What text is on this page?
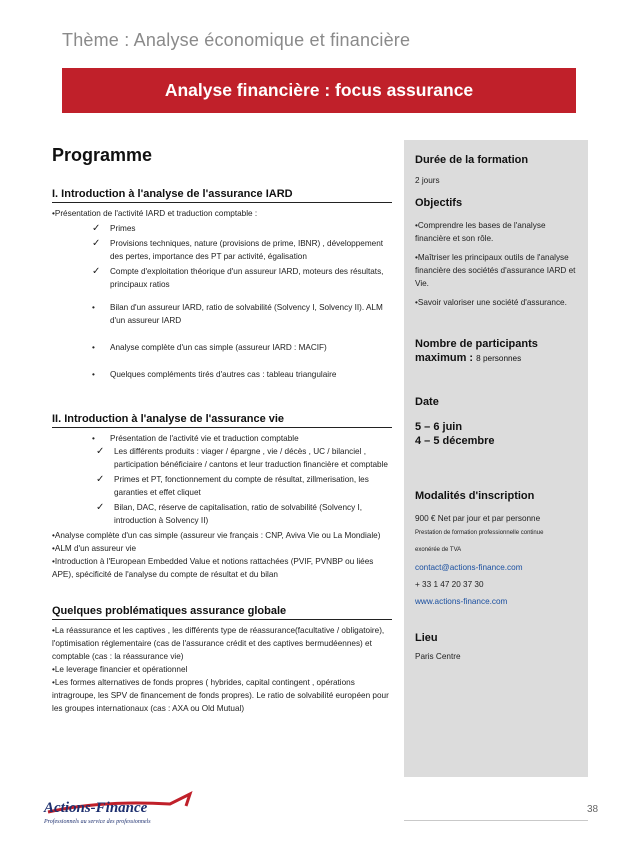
Thème : Analyse économique et financière
Analyse financière : focus assurance
Programme
I. Introduction à l'analyse de l'assurance IARD
•Présentation de l'activité IARD et traduction comptable :
✓	Primes
✓	Provisions techniques, nature (provisions de prime, IBNR) , développement des pertes, importance des PT par activité, égalisation
✓	Compte d'exploitation théorique d'un assureur IARD, moteurs des résultats, principaux ratios
•	Bilan d'un assureur IARD, ratio de solvabilité (Solvency I, Solvency II). ALM d'un assureur IARD
•	Analyse complète d'un cas simple (assureur IARD : MACIF)
•	Quelques compléments tirés d'autres cas : tableau triangulaire
II. Introduction à l'analyse de l'assurance vie
•	Présentation de l'activité vie et traduction comptable
✓	Les différents produits : viager / épargne , vie / décès , UC / bilanciel , participation bénéficiaire / cantons et leur traduction financière et comptable
✓	Primes et PT, fonctionnement du compte de résultat, zillmerisation, les garanties et effet cliquet
✓	Bilan, DAC, réserve de capitalisation, ratio de solvabilité (Solvency I, introduction à Solvency II)
•Analyse complète d'un cas simple (assureur vie français : CNP, Aviva Vie ou La Mondiale)
•ALM d'un assureur vie
•Introduction à l'European Embedded Value et notions rattachées (PVIF, PVNBP ou liées APE), spécificité de l'analyse du compte de résultat et du bilan
Quelques problématiques assurance globale
•La réassurance et les captives , les différents type de réassurance(facultative / obligatoire), l'optimisation réglementaire (cas de l'assurance crédit et des captives bermudéennes) et comptable (cas : la réassurance vie)
•Le leverage financier et opérationnel
•Les formes alternatives de fonds propres ( hybrides, capital contingent , opérations intragroupe, les SPV de financement de fonds propres). Le ratio de solvabilité européen pour les groupes internationaux (cas : AXA ou Old Mutual)
Durée de la formation
2 jours
Objectifs
•Comprendre les bases de l'analyse financière et son rôle.
•Maîtriser les principaux outils de l'analyse financière des sociétés d'assurance IARD et Vie.
•Savoir valoriser une société d'assurance.
Nombre de participants maximum : 8 personnes
Date
5 – 6 juin
4 – 5 décembre
Modalités d'inscription
900 € Net par jour et par personne
Prestation de formation professionnelle continue
exonérée de TVA
contact@actions-finance.com
+ 33 1 47 20 37 30
www.actions-finance.com
Lieu
Paris Centre
Actions-Finance
Professionnels au service des professionnels
38
